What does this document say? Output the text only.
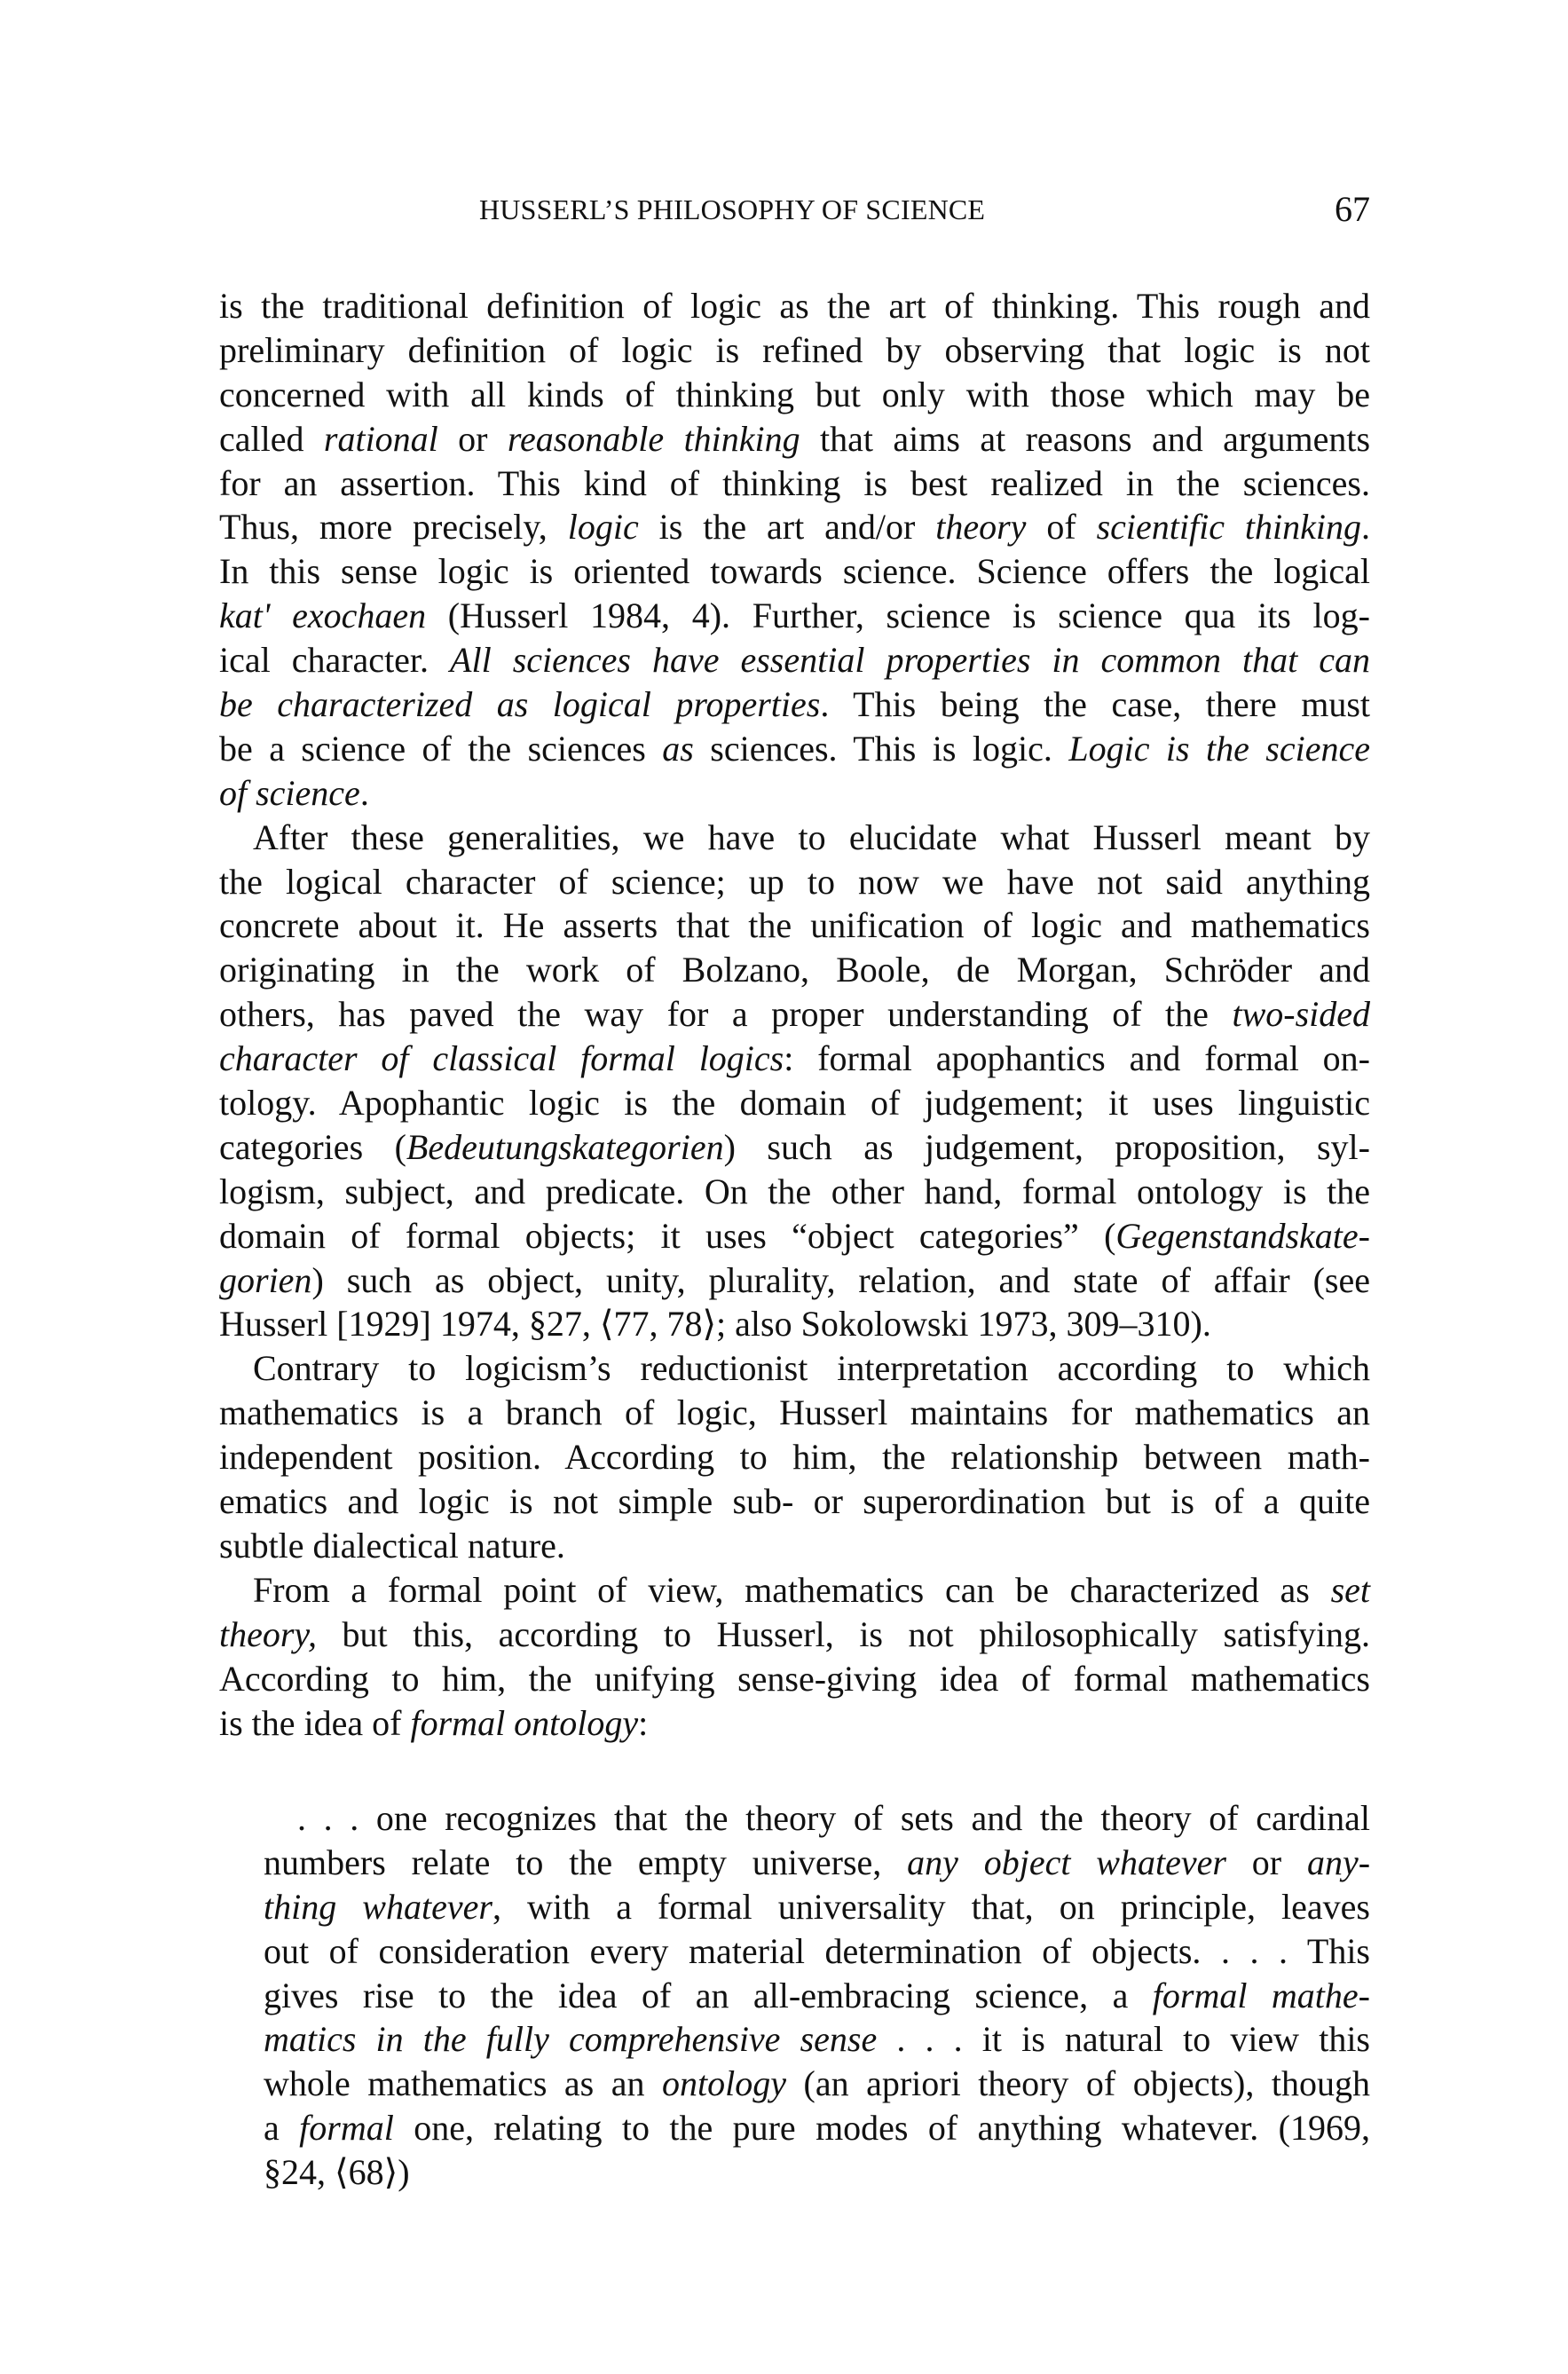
HUSSERL’S PHILOSOPHY OF SCIENCE	67
is the traditional definition of logic as the art of thinking. This rough and
preliminary definition of logic is refined by observing that logic is not
concerned with all kinds of thinking but only with those which may be
called rational or reasonable thinking that aims at reasons and arguments
for an assertion. This kind of thinking is best realized in the sciences.
Thus, more precisely, logic is the art and/or theory of scientific thinking.
In this sense logic is oriented towards science. Science offers the logical
kat' exochaen (Husserl 1984, 4). Further, science is science qua its log-
ical character. All sciences have essential properties in common that can
be characterized as logical properties. This being the case, there must
be a science of the sciences as sciences. This is logic. Logic is the science
of science.
After these generalities, we have to elucidate what Husserl meant by
the logical character of science; up to now we have not said anything
concrete about it. He asserts that the unification of logic and mathematics
originating in the work of Bolzano, Boole, de Morgan, Schröder and
others, has paved the way for a proper understanding of the two-sided
character of classical formal logics: formal apophantics and formal on-
tology. Apophantic logic is the domain of judgement; it uses linguistic
categories (Bedeutungskategorien) such as judgement, proposition, syl-
logism, subject, and predicate. On the other hand, formal ontology is the
domain of formal objects; it uses “object categories” (Gegenstandskate-
gorien) such as object, unity, plurality, relation, and state of affair (see
Husserl [1929] 1974, §27, ⟨77, 78⟩; also Sokolowski 1973, 309–310).
Contrary to logicism’s reductionist interpretation according to which
mathematics is a branch of logic, Husserl maintains for mathematics an
independent position. According to him, the relationship between math-
ematics and logic is not simple sub- or superordination but is of a quite
subtle dialectical nature.
From a formal point of view, mathematics can be characterized as set
theory, but this, according to Husserl, is not philosophically satisfying.
According to him, the unifying sense-giving idea of formal mathematics
is the idea of formal ontology:
. . . one recognizes that the theory of sets and the theory of cardinal
numbers relate to the empty universe, any object whatever or any-
thing whatever, with a formal universality that, on principle, leaves
out of consideration every material determination of objects. . . . This
gives rise to the idea of an all-embracing science, a formal mathe-
matics in the fully comprehensive sense . . . it is natural to view this
whole mathematics as an ontology (an apriori theory of objects), though
a formal one, relating to the pure modes of anything whatever. (1969,
§24, ⟨68⟩)
